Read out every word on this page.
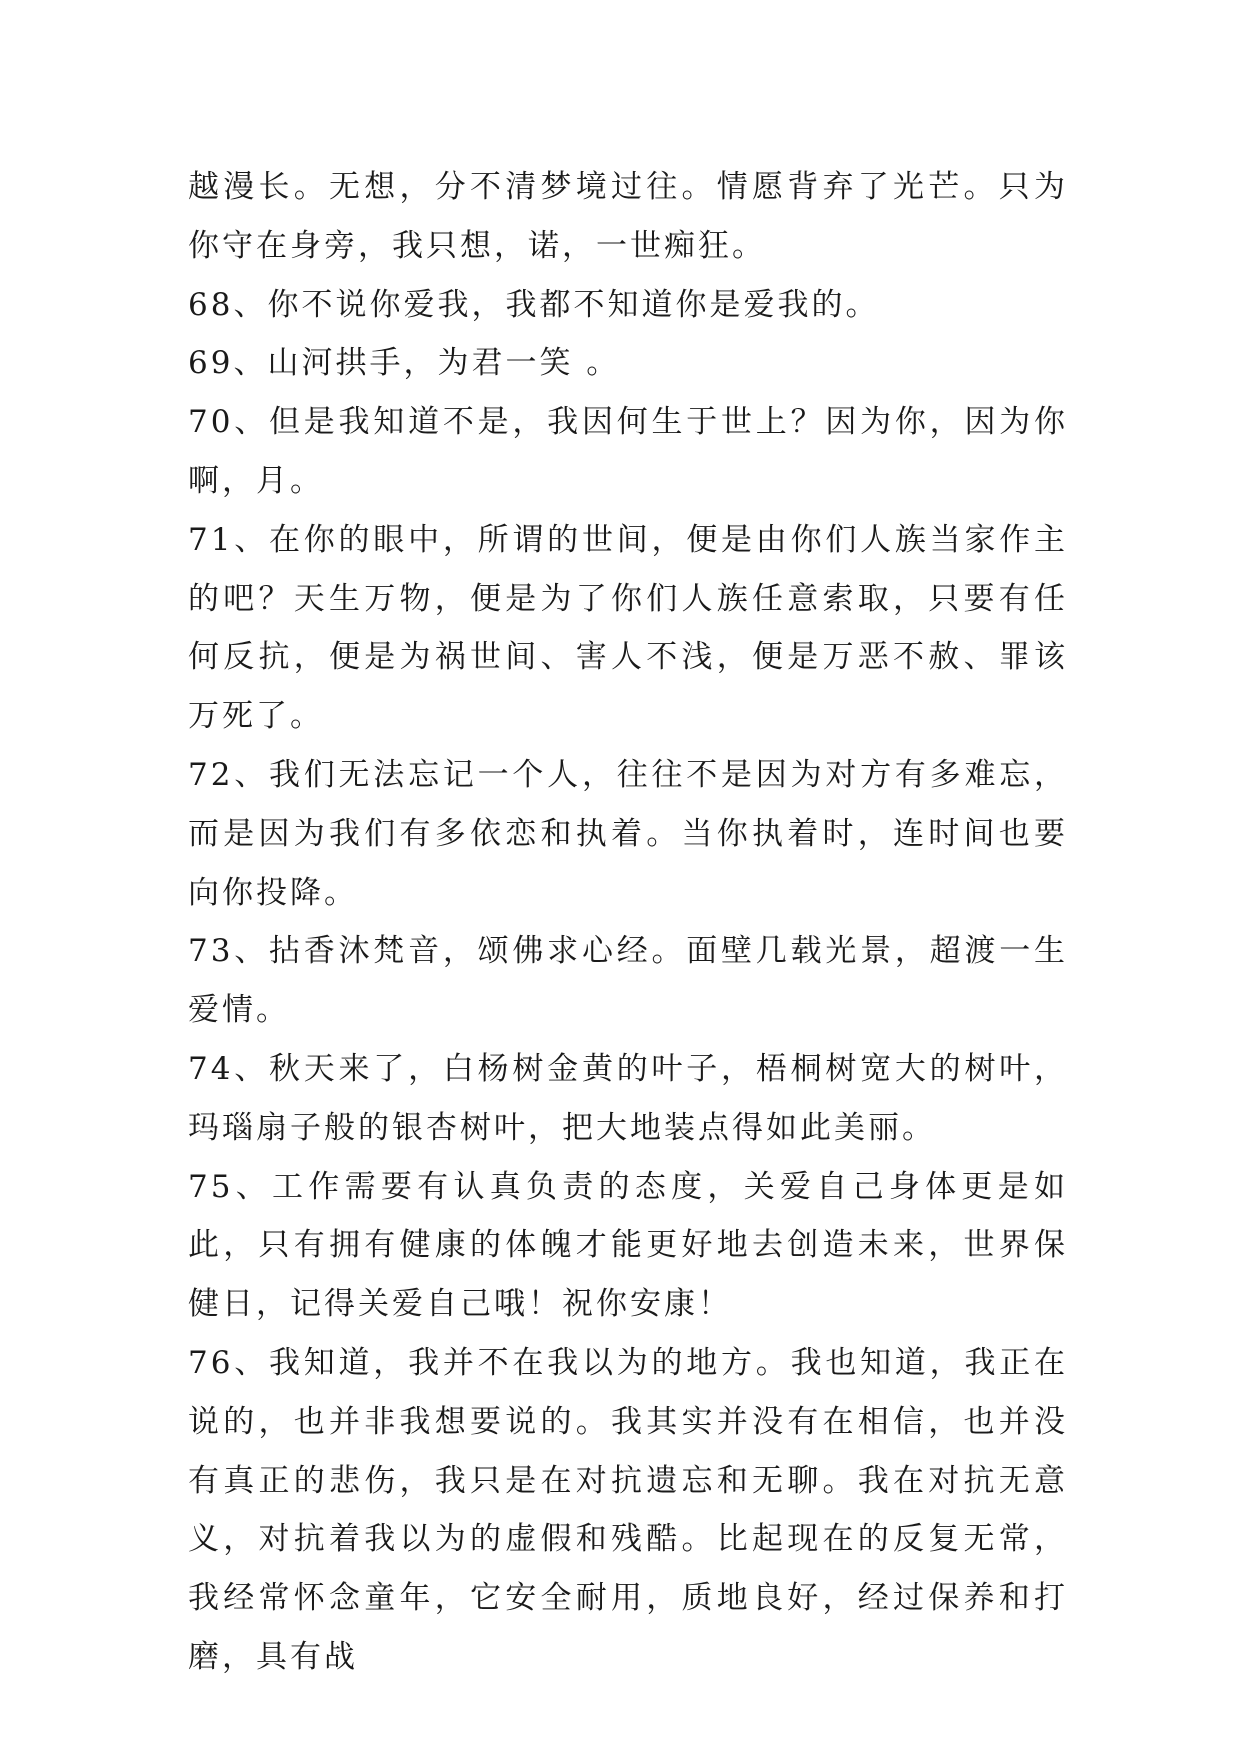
越漫长。无想，分不清梦境过往。情愿背弃了光芒。只为你守在身旁，我只想，诺，一世痴狂。

68、你不说你爱我，我都不知道你是爱我的。

69、山河拱手，为君一笑 。

70、但是我知道不是，我因何生于世上？因为你，因为你啊，月。

71、在你的眼中，所谓的世间，便是由你们人族当家作主的吧？天生万物，便是为了你们人族任意索取，只要有任何反抗，便是为祸世间、害人不浅，便是万恶不赦、罪该万死了。

72、我们无法忘记一个人，往往不是因为对方有多难忘，而是因为我们有多依恋和执着。当你执着时，连时间也要向你投降。

73、拈香沐梵音，颂佛求心经。面壁几载光景，超渡一生爱情。

74、秋天来了，白杨树金黄的叶子，梧桐树宽大的树叶，玛瑙扇子般的银杏树叶，把大地装点得如此美丽。

75、工作需要有认真负责的态度，关爱自己身体更是如此，只有拥有健康的体魄才能更好地去创造未来，世界保健日，记得关爱自己哦！祝你安康！

76、我知道，我并不在我以为的地方。我也知道，我正在说的，也并非我想要说的。我其实并没有在相信，也并没有真正的悲伤，我只是在对抗遗忘和无聊。我在对抗无意义，对抗着我以为的虚假和残酷。比起现在的反复无常，我经常怀念童年，它安全耐用，质地良好，经过保养和打磨，具有战
